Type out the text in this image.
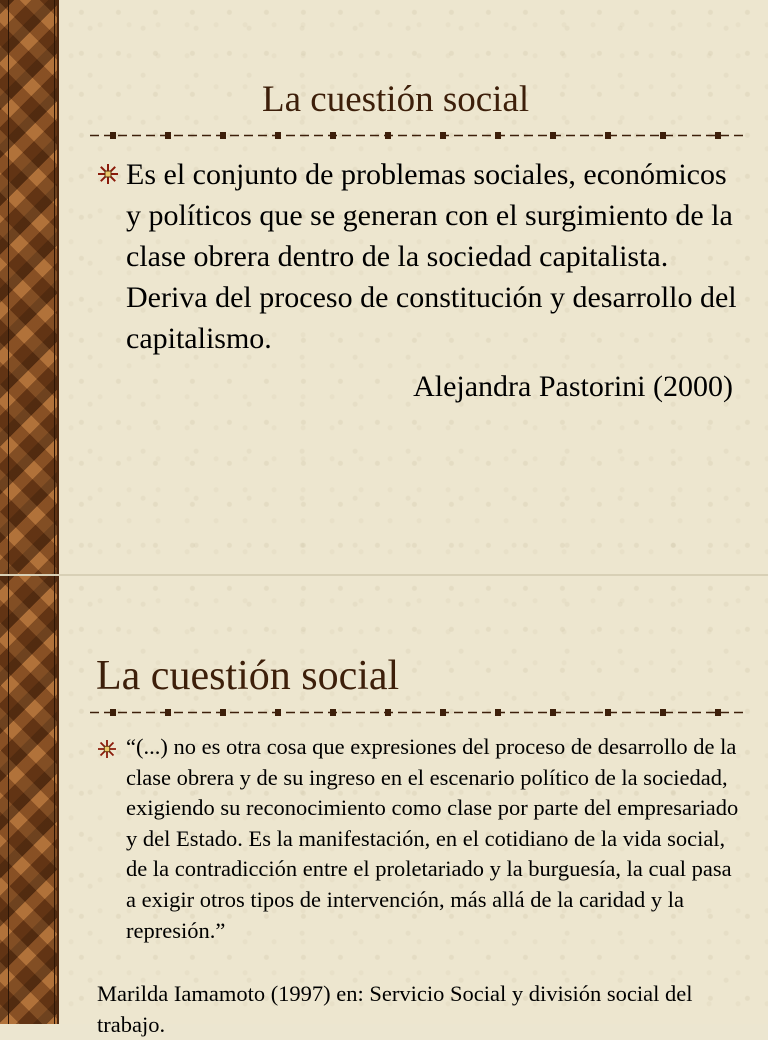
La cuestión social

Es el conjunto de problemas sociales, económicos y políticos que se generan con el surgimiento de la clase obrera dentro de la sociedad capitalista. Deriva del proceso de constitución y desarrollo del capitalismo.

Alejandra Pastorini (2000)
La cuestión social

“(...) no es otra cosa que expresiones del proceso de desarrollo de la clase obrera y de su ingreso en el escenario político de la sociedad, exigiendo su reconocimiento como clase por parte del empresariado y del Estado. Es la manifestación, en el cotidiano de la vida social, de la contradicción entre el proletariado y la burguesía, la cual pasa a exigir otros tipos de intervención, más allá de la caridad y la represión.”

Marilda Iamamoto (1997) en: Servicio Social y división social del trabajo.
